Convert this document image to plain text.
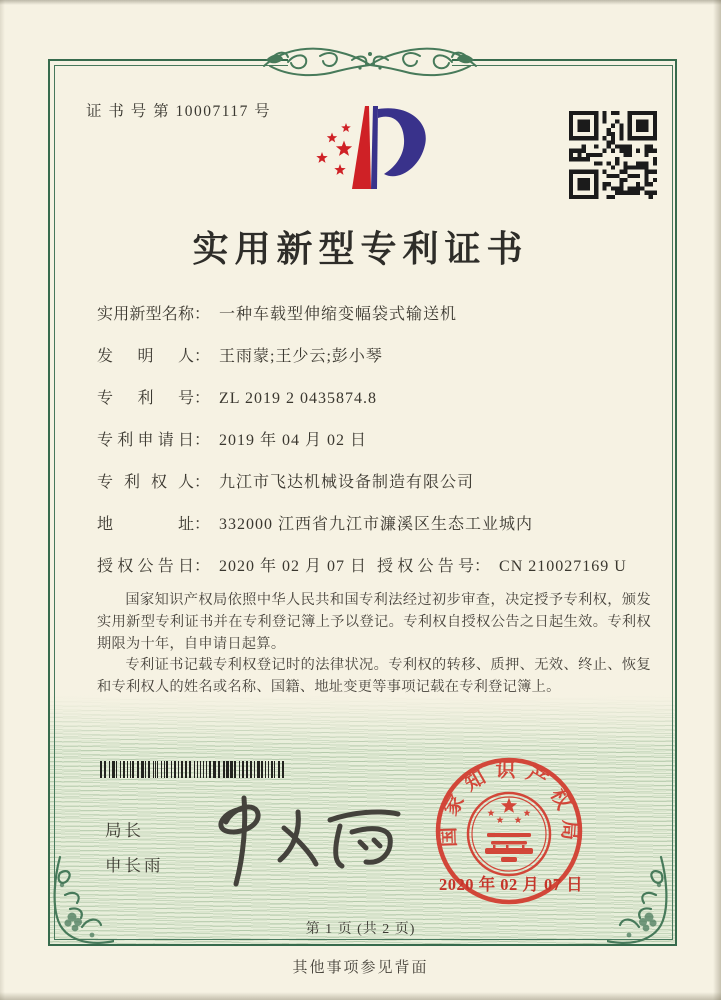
证 书 号 第 10007117 号
实用新型专利证书
实用新型名称 ： 一种车载型伸缩变幅袋式输送机
发明人 ： 王雨蒙;王少云;彭小琴
专利号 ： ZL 2019 2 0435874.8
专利申请日 ： 2019 年 04 月 02 日
专利权人 ： 九江市飞达机械设备制造有限公司
地址 ： 332000 江西省九江市濂溪区生态工业城内
授权公告日 ： 2020 年 02 月 07 日 授权公告号 ： CN 210027169 U

国家知识产权局依照中华人民共和国专利法经过初步审查，决定授予专利权，颁发实用新型专利证书并在专利登记簿上予以登记。专利权自授权公告之日起生效。专利权期限为十年，自申请日起算。

专利证书记载专利权登记时的法律状况。专利权的转移、质押、无效、终止、恢复和专利权人的姓名或名称、国籍、地址变更等事项记载在专利登记簿上。

局长
申长雨
国家知识产权局
2020 年 02 月 07 日
第 1 页 (共 2 页)
其他事项参见背面
